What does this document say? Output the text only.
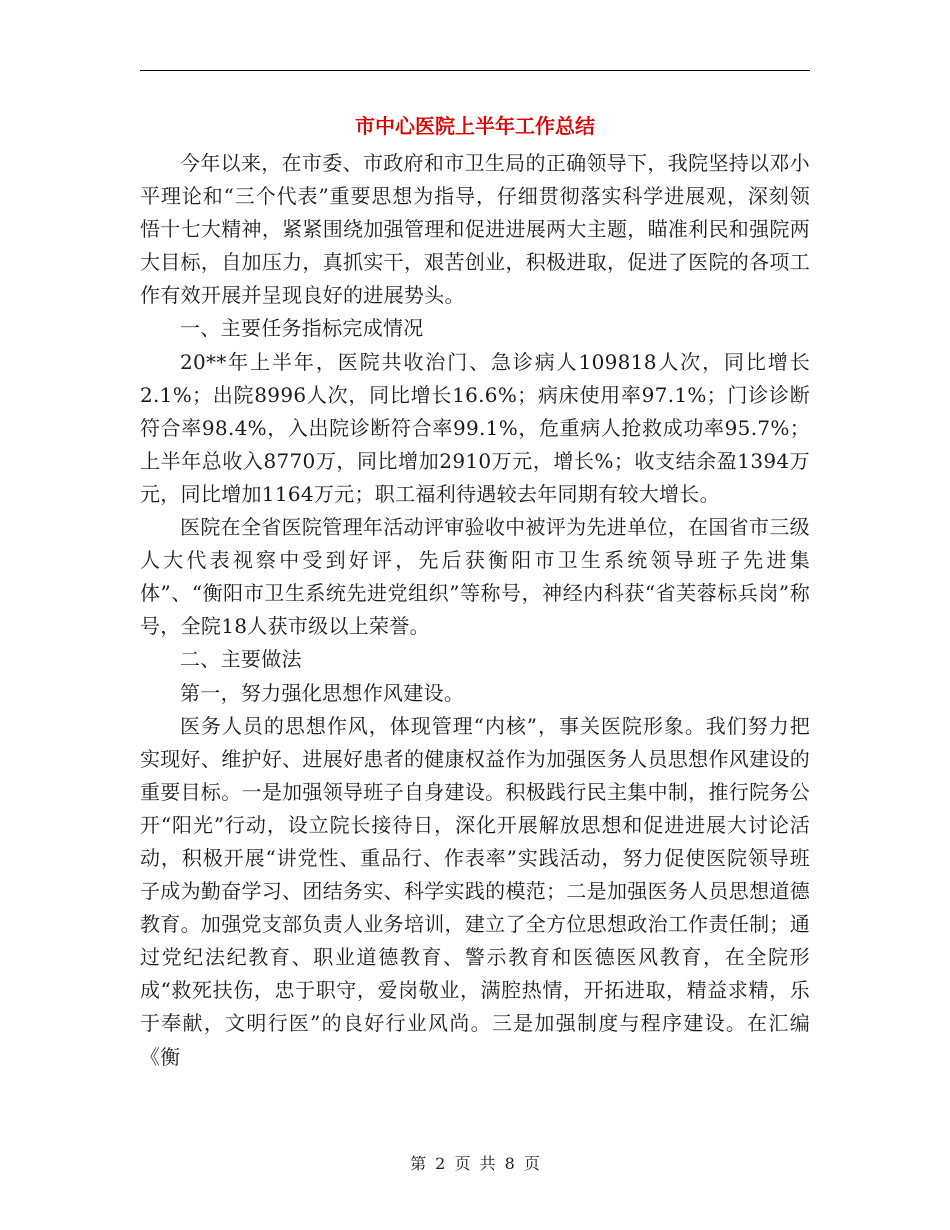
市中心医院上半年工作总结

今年以来，在市委、市政府和市卫生局的正确领导下，我院坚持以邓小平理论和“三个代表”重要思想为指导，仔细贯彻落实科学进展观，深刻领悟十七大精神，紧紧围绕加强管理和促进进展两大主题，瞄准利民和强院两大目标，自加压力，真抓实干，艰苦创业，积极进取，促进了医院的各项工作有效开展并呈现良好的进展势头。

一、主要任务指标完成情况

20**年上半年，医院共收治门、急诊病人109818人次，同比增长2.1%；出院8996人次，同比增长16.6%；病床使用率97.1%；门诊诊断符合率98.4%，入出院诊断符合率99.1%，危重病人抢救成功率95.7%；上半年总收入8770万，同比增加2910万元，增长%；收支结余盈1394万元，同比增加1164万元；职工福利待遇较去年同期有较大增长。

医院在全省医院管理年活动评审验收中被评为先进单位，在国省市三级人大代表视察中受到好评，先后获衡阳市卫生系统领导班子先进集体”、“衡阳市卫生系统先进党组织”等称号，神经内科获“省芙蓉标兵岗”称号，全院18人获市级以上荣誉。

二、主要做法

第一，努力强化思想作风建设。

医务人员的思想作风，体现管理“内核”，事关医院形象。我们努力把实现好、维护好、进展好患者的健康权益作为加强医务人员思想作风建设的重要目标。一是加强领导班子自身建设。积极践行民主集中制，推行院务公开“阳光”行动，设立院长接待日，深化开展解放思想和促进进展大讨论活动，积极开展“讲党性、重品行、作表率”实践活动，努力促使医院领导班子成为勤奋学习、团结务实、科学实践的模范；二是加强医务人员思想道德教育。加强党支部负责人业务培训，建立了全方位思想政治工作责任制；通过党纪法纪教育、职业道德教育、警示教育和医德医风教育，在全院形成“救死扶伤，忠于职守，爱岗敬业，满腔热情，开拓进取，精益求精，乐于奉献，文明行医”的良好行业风尚。三是加强制度与程序建设。在汇编《衡

第 2 页 共 8 页
